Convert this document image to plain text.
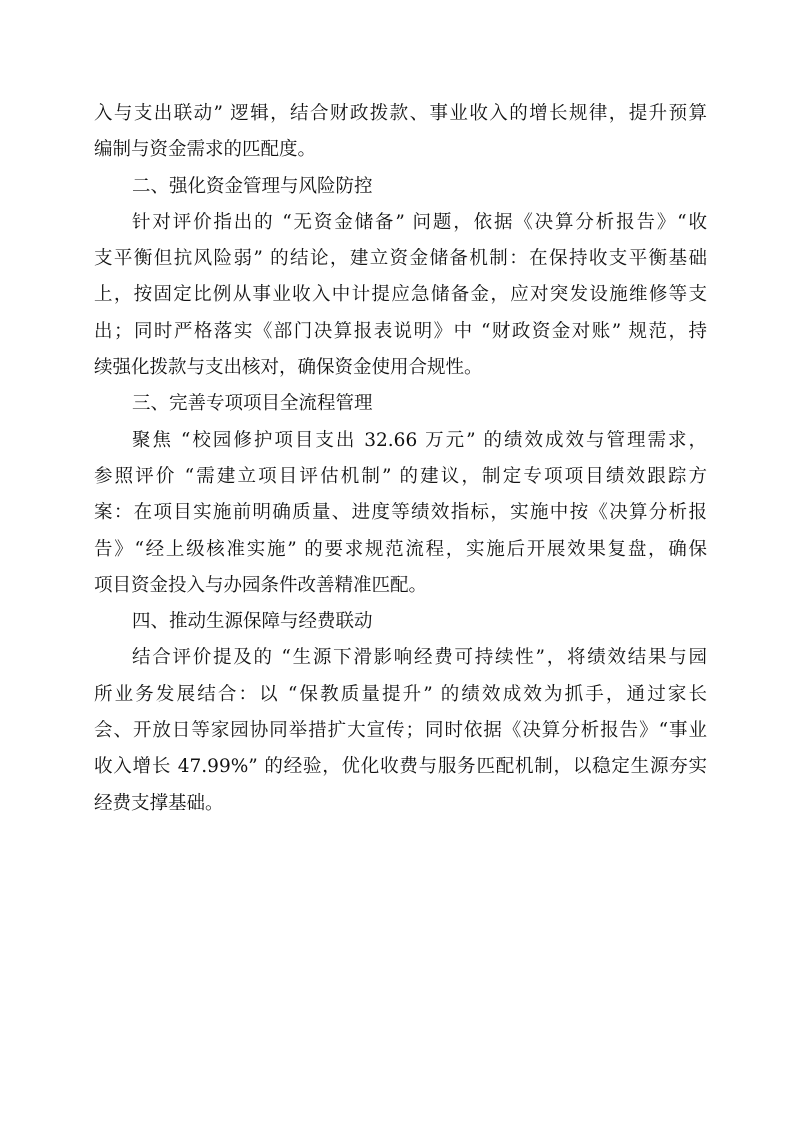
入与支出联动” 逻辑，结合财政拨款、事业收入的增长规律，提升预算
编制与资金需求的匹配度。
二、强化资金管理与风险防控
针对评价指出的 “无资金储备” 问题，依据《决算分析报告》“收
支平衡但抗风险弱” 的结论，建立资金储备机制：在保持收支平衡基础
上，按固定比例从事业收入中计提应急储备金，应对突发设施维修等支
出；同时严格落实《部门决算报表说明》中 “财政资金对账” 规范，持
续强化拨款与支出核对，确保资金使用合规性。
三、完善专项项目全流程管理
聚焦 “校园修护项目支出 32.66 万元” 的绩效成效与管理需求，
参照评价 “需建立项目评估机制” 的建议，制定专项项目绩效跟踪方
案：在项目实施前明确质量、进度等绩效指标，实施中按《决算分析报
告》“经上级核准实施” 的要求规范流程，实施后开展效果复盘，确保
项目资金投入与办园条件改善精准匹配。
四、推动生源保障与经费联动
结合评价提及的 “生源下滑影响经费可持续性”，将绩效结果与园
所业务发展结合：以 “保教质量提升” 的绩效成效为抓手，通过家长
会、开放日等家园协同举措扩大宣传；同时依据《决算分析报告》“事业
收入增长 47.99%” 的经验，优化收费与服务匹配机制，以稳定生源夯实
经费支撑基础。
